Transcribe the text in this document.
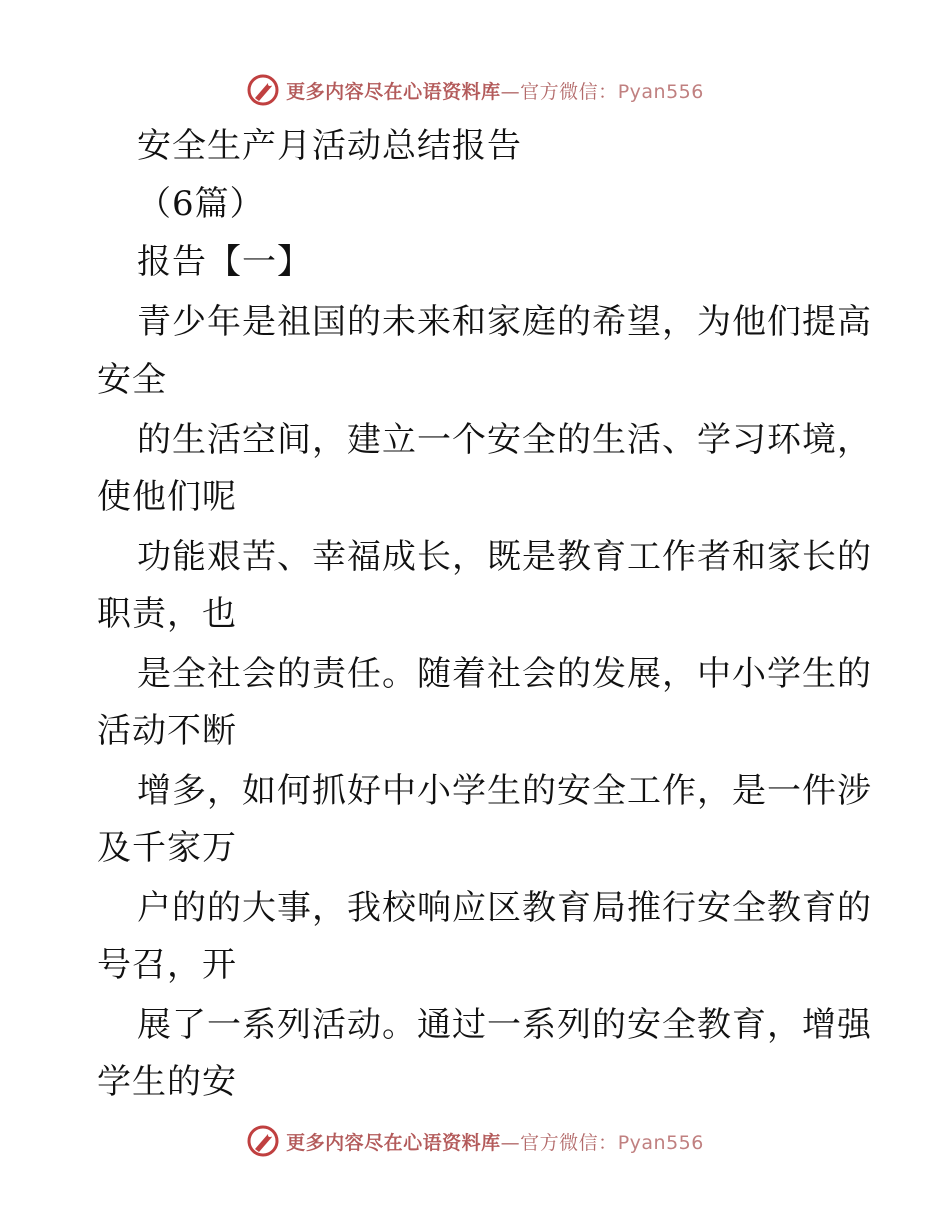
更多内容尽在心语资料库—官方微信：Pyan556
安全生产月活动总结报告
（6篇）
报告【一】
青少年是祖国的未来和家庭的希望，为他们提高
安全
的生活空间，建立一个安全的生活、学习环境，
使他们呢
功能艰苦、幸福成长，既是教育工作者和家长的
职责，也
是全社会的责任。随着社会的发展，中小学生的
活动不断
增多，如何抓好中小学生的安全工作，是一件涉
及千家万
户的的大事，我校响应区教育局推行安全教育的
号召，开
展了一系列活动。通过一系列的安全教育，增强
学生的安
更多内容尽在心语资料库—官方微信：Pyan556
